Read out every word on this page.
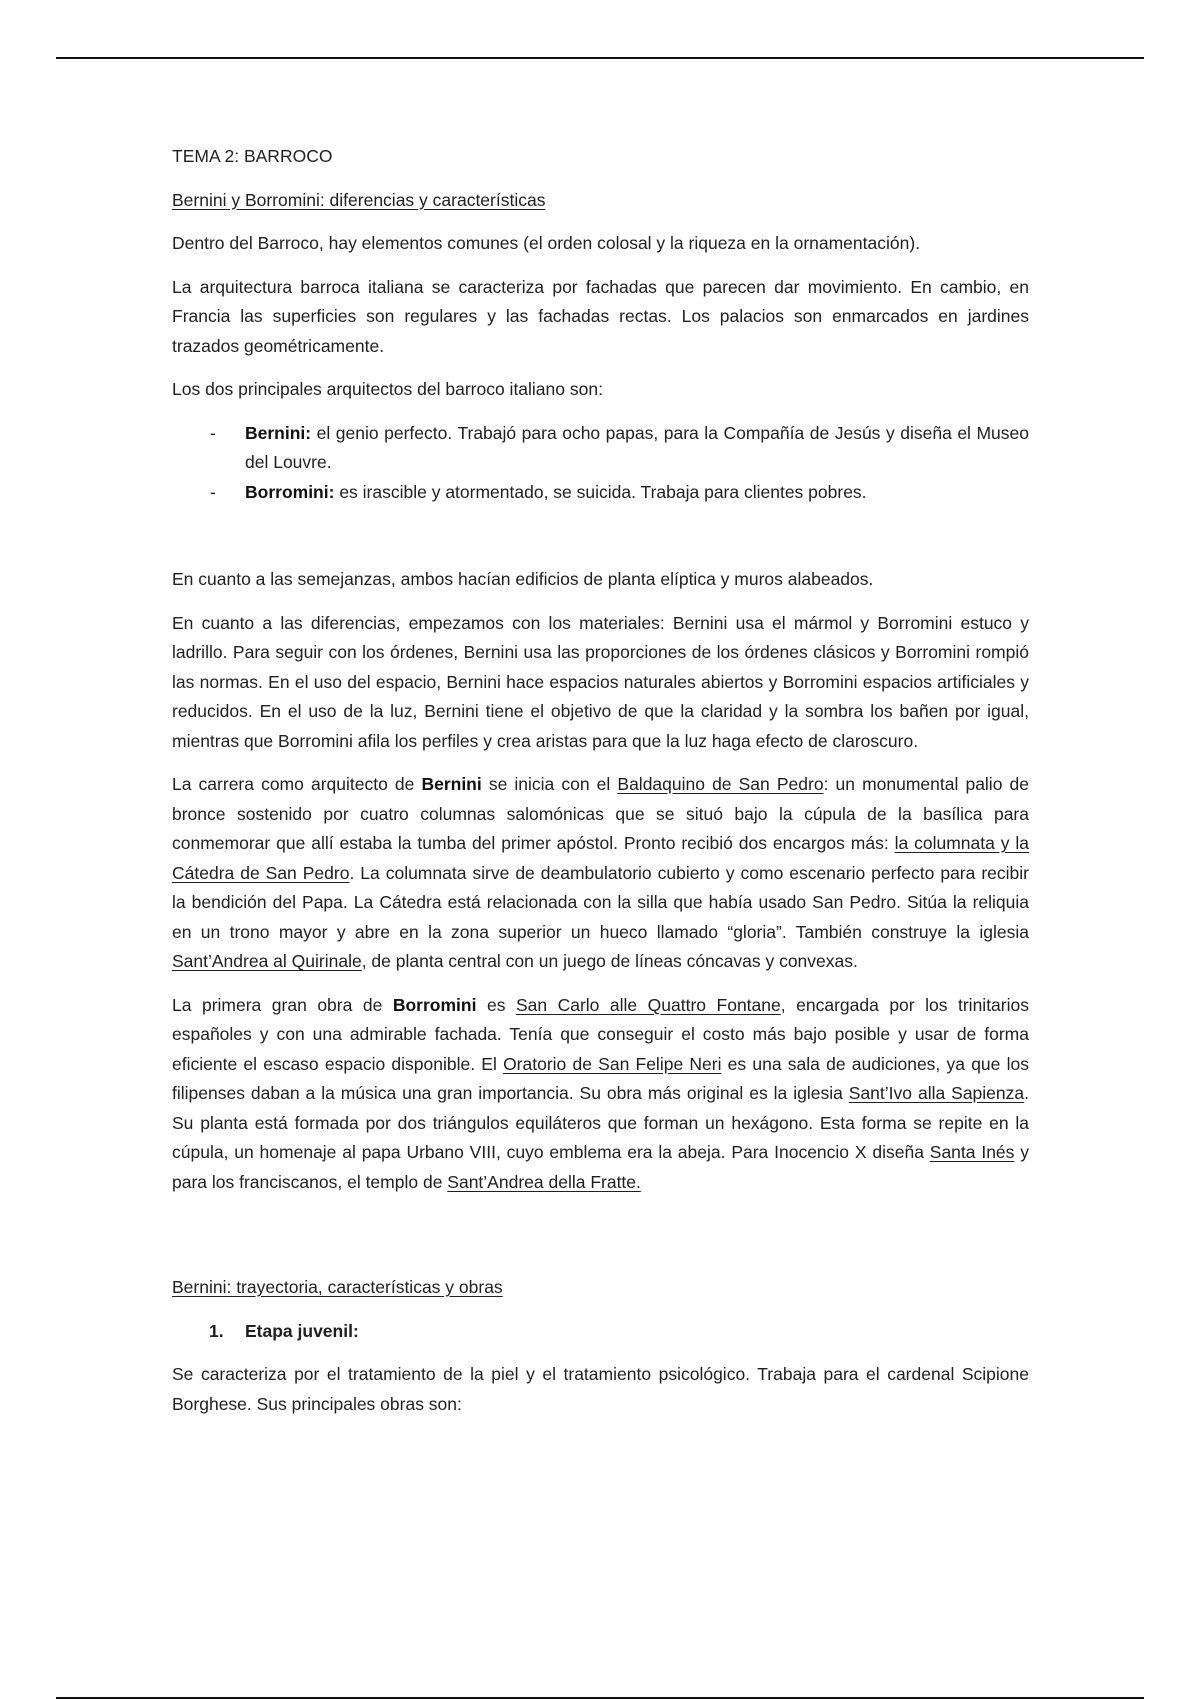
TEMA 2: BARROCO

Bernini y Borromini: diferencias y características

Dentro del Barroco, hay elementos comunes (el orden colosal y la riqueza en la ornamentación).

La arquitectura barroca italiana se caracteriza por fachadas que parecen dar movimiento. En cambio, en Francia las superficies son regulares y las fachadas rectas. Los palacios son enmarcados en jardines trazados geométricamente.

Los dos principales arquitectos del barroco italiano son:

- Bernini: el genio perfecto. Trabajó para ocho papas, para la Compañía de Jesús y diseña el Museo del Louvre.
- Borromini: es irascible y atormentado, se suicida. Trabaja para clientes pobres.

En cuanto a las semejanzas, ambos hacían edificios de planta elíptica y muros alabeados.

En cuanto a las diferencias, empezamos con los materiales: Bernini usa el mármol y Borromini estuco y ladrillo. Para seguir con los órdenes, Bernini usa las proporciones de los órdenes clásicos y Borromini rompió las normas. En el uso del espacio, Bernini hace espacios naturales abiertos y Borromini espacios artificiales y reducidos. En el uso de la luz, Bernini tiene el objetivo de que la claridad y la sombra los bañen por igual, mientras que Borromini afila los perfiles y crea aristas para que la luz haga efecto de claroscuro.

La carrera como arquitecto de Bernini se inicia con el Baldaquino de San Pedro: un monumental palio de bronce sostenido por cuatro columnas salomónicas que se situó bajo la cúpula de la basílica para conmemorar que allí estaba la tumba del primer apóstol. Pronto recibió dos encargos más: la columnata y la Cátedra de San Pedro. La columnata sirve de deambulatorio cubierto y como escenario perfecto para recibir la bendición del Papa. La Cátedra está relacionada con la silla que había usado San Pedro. Sitúa la reliquia en un trono mayor y abre en la zona superior un hueco llamado “gloria”. También construye la iglesia Sant’Andrea al Quirinale, de planta central con un juego de líneas cóncavas y convexas.

La primera gran obra de Borromini es San Carlo alle Quattro Fontane, encargada por los trinitarios españoles y con una admirable fachada. Tenía que conseguir el costo más bajo posible y usar de forma eficiente el escaso espacio disponible. El Oratorio de San Felipe Neri es una sala de audiciones, ya que los filipenses daban a la música una gran importancia. Su obra más original es la iglesia Sant’Ivo alla Sapienza. Su planta está formada por dos triángulos equiláteros que forman un hexágono. Esta forma se repite en la cúpula, un homenaje al papa Urbano VIII, cuyo emblema era la abeja. Para Inocencio X diseña Santa Inés y para los franciscanos, el templo de Sant’Andrea della Fratte.

Bernini: trayectoria, características y obras

1. Etapa juvenil:

Se caracteriza por el tratamiento de la piel y el tratamiento psicológico. Trabaja para el cardenal Scipione Borghese. Sus principales obras son:
